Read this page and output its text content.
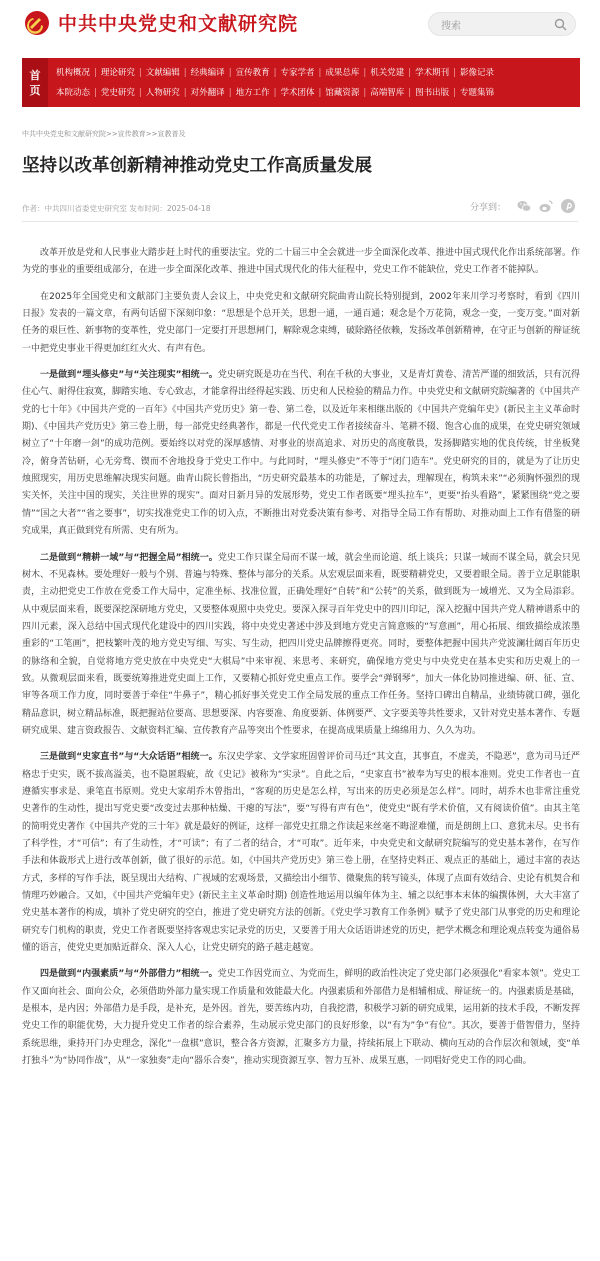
中共中央党史和文献研究院	搜索
首
页
机构概况 | 理论研究 | 文献编辑 | 经典编译 | 宣传教育 | 专家学者 | 成果总库 | 机关党建 | 学术期刊 | 影像记录
本院动态 | 党史研究 | 人物研究 | 对外翻译 | 地方工作 | 学术团体 | 馆藏资源 | 高端智库 | 图书出版 | 专题集锦
中共中央党史和文献研究院>>宣传教育>>宣教普及
坚持以改革创新精神推动党史工作高质量发展
作者：中共四川省委党史研究室 发布时间：2025-04-18	分享到：

改革开放是党和人民事业大踏步赶上时代的重要法宝。党的二十届三中全会就进一步全面深化改革、推进中国式现代化作出系统部署。作为党的事业的重要组成部分，在进一步全面深化改革、推进中国式现代化的伟大征程中，党史工作不能缺位，党史工作者不能掉队。

在2025年全国党史和文献部门主要负责人会议上，中央党史和文献研究院曲青山院长特别提到，2002年来川学习考察时，看到《四川日报》发表的一篇文章，有两句话留下深刻印象：“思想是个总开关，思想一通，一通百通；观念是个万花筒，观念一变，一变万变。”面对新任务的艰巨性、新事物的变革性，党史部门一定要打开思想闸门，解除观念束缚，破除路径依赖，发扬改革创新精神，在守正与创新的辩证统一中把党史事业干得更加红红火火、有声有色。

一是做到“埋头修史”与“关注现实”相统一。党史研究既是功在当代、利在千秋的大事业，又是青灯黄卷、清苦严谨的细致活，只有沉得住心气、耐得住寂寞，脚踏实地、专心致志，才能拿得出经得起实践、历史和人民检验的精品力作。中央党史和文献研究院编著的《中国共产党的七十年》《中国共产党的一百年》《中国共产党历史》第一卷、第二卷，以及近年来相继出版的《中国共产党编年史》(新民主主义革命时期)、《中国共产党历史》第三卷上册，每一部党史经典著作，都是一代代党史工作者接续奋斗、笔耕不辍、饱含心血的成果，在党史研究领域树立了“十年磨一剑”的成功范例。要始终以对党的深厚感情、对事业的崇高追求、对历史的高度敬畏，发扬脚踏实地的优良传统，甘坐板凳冷，俯身苦钻研，心无旁骛、锲而不舍地投身于党史工作中。与此同时，“埋头修史”不等于“闭门造车”。党史研究的目的，就是为了让历史烛照现实，用历史思维解决现实问题。曲青山院长曾指出，“历史研究最基本的功能是，了解过去，理解现在，构筑未来”“必须胸怀强烈的现实关怀，关注中国的现实，关注世界的现实”。面对日新月异的发展形势，党史工作者既要“埋头拉车”，更要“抬头看路”，紧紧围绕“党之要情”“国之大者”“省之要事”，切实找准党史工作的切入点，不断推出对党委决策有参考、对指导全局工作有帮助、对推动面上工作有借鉴的研究成果，真正做到党有所需、史有所为。

二是做到“精耕一域”与“把握全局”相统一。党史工作只谋全局而不谋一域，就会坐而论道、纸上谈兵；只谋一域而不谋全局，就会只见树木、不见森林。要处理好一般与个别、普遍与特殊、整体与部分的关系。从宏观层面来看，既要精耕党史，又要着眼全局。善于立足职能职责，主动把党史工作放在党委工作大局中，定准坐标、找准位置，正确处理好“自转”和“公转”的关系，做到既为一域增光、又为全局添彩。从中观层面来看，既要深挖深研地方党史，又要整体观照中央党史。要深入探寻百年党史中的四川印记，深入挖掘中国共产党人精神谱系中的四川元素，深入总结中国式现代化建设中的四川实践，将中央党史著述中涉及到地方党史言简意赅的“写意画”，用心拓展、细致描绘成浓墨重彩的“工笔画”，把枝繁叶茂的地方党史写细、写实、写生动，把四川党史品牌擦得更亮。同时，要整体把握中国共产党波澜壮阔百年历史的脉络和全貌，自觉将地方党史放在中央党史“大棋局”中来审视、来思考、来研究，确保地方党史与中央党史在基本史实和历史观上的一致。从微观层面来看，既要统筹推进党史面上工作，又要精心抓好党史重点工作。要学会“弹钢琴”，加大一体化协同推进编、研、征、宣、审等各项工作力度，同时要善于牵住“牛鼻子”，精心抓好事关党史工作全局发展的重点工作任务。坚持口碑出自精品，业绩铸就口碑，强化精品意识，树立精品标准，既把握站位要高、思想要深、内容要准、角度要新、体例要严、文字要美等共性要求，又针对党史基本著作、专题研究成果、建言资政报告、文献资料汇编、宣传教育产品等突出个性要求，在提高成果质量上绵绵用力、久久为功。

三是做到“史家直书”与“大众话语”相统一。东汉史学家、文学家班固曾评价司马迁“其文直，其事直，不虚美，不隐恶”，意为司马迁严格忠于史实，既不拔高溢美，也不隐匿瑕疵，故《史记》被称为“实录”。自此之后，“史家直书”被奉为写史的根本准则。党史工作者也一直遵循实事求是、秉笔直书原则。党史大家胡乔木曾指出，“客观的历史是怎么样，写出来的历史必须是怎么样”。同时，胡乔木也非常注重党史著作的生动性，提出写党史要“改变过去那种枯燥、干瘪的写法”，要“写得有声有色”，使党史“既有学术价值，又有阅读价值”。由其主笔的简明党史著作《中国共产党的三十年》就是最好的例证，这样一部党史扛鼎之作读起来丝毫不晦涩难懂，而是朗朗上口、意犹未尽。史书有了科学性，才“可信”；有了生动性，才“可读”；有了二者的结合，才“可取”。近年来，中央党史和文献研究院编写的党史基本著作，在写作手法和体裁形式上进行改革创新，做了很好的示范。如，《中国共产党历史》第三卷上册，在坚持史料正、观点正的基础上，通过丰富的表达方式，多样的写作手法，既呈现出大结构、广视域的宏观场景，又描绘出小细节、微聚焦的转写镜头，体现了点面有效结合、史论有机契合和情理巧妙融合。又如，《中国共产党编年史》(新民主主义革命时期) 创造性地运用以编年体为主、辅之以纪事本末体的编撰体例，大大丰富了党史基本著作的构成，填补了党史研究的空白，推进了党史研究方法的创新。《党史学习教育工作条例》赋予了党史部门从事党的历史和理论研究专门机构的职责，党史工作者既要坚持客观忠实记录党的历史，又要善于用大众话语讲述党的历史，把学术概念和理论观点转变为通俗易懂的语言，使党史更加贴近群众、深入人心，让党史研究的路子越走越宽。

四是做到“内强素质”与“外部借力”相统一。党史工作因党而立、为党而生，鲜明的政治性决定了党史部门必须强化“看家本领”。党史工作又面向社会、面向公众，必须借助外部力量实现工作质量和效能最大化。内强素质和外部借力是相辅相成、辩证统一的。内强素质是基础，是根本，是内因；外部借力是手段，是补充，是外因。首先，要苦练内功，自我挖潜，积极学习新的研究成果，运用新的技术手段，不断发挥党史工作的职能优势，大力提升党史工作者的综合素养，生动展示党史部门的良好形象，以“有为”争“有位”。其次，要善于借智借力，坚持系统思维，秉持开门办史理念，深化“一盘棋”意识，整合各方资源，汇聚多方力量，持续拓展上下联动、横向互动的合作层次和领域，变“单打独斗”为“协同作战”，从“一家独奏”走向“器乐合奏”，推动实现资源互享、智力互补、成果互惠，一同唱好党史工作的同心曲。
